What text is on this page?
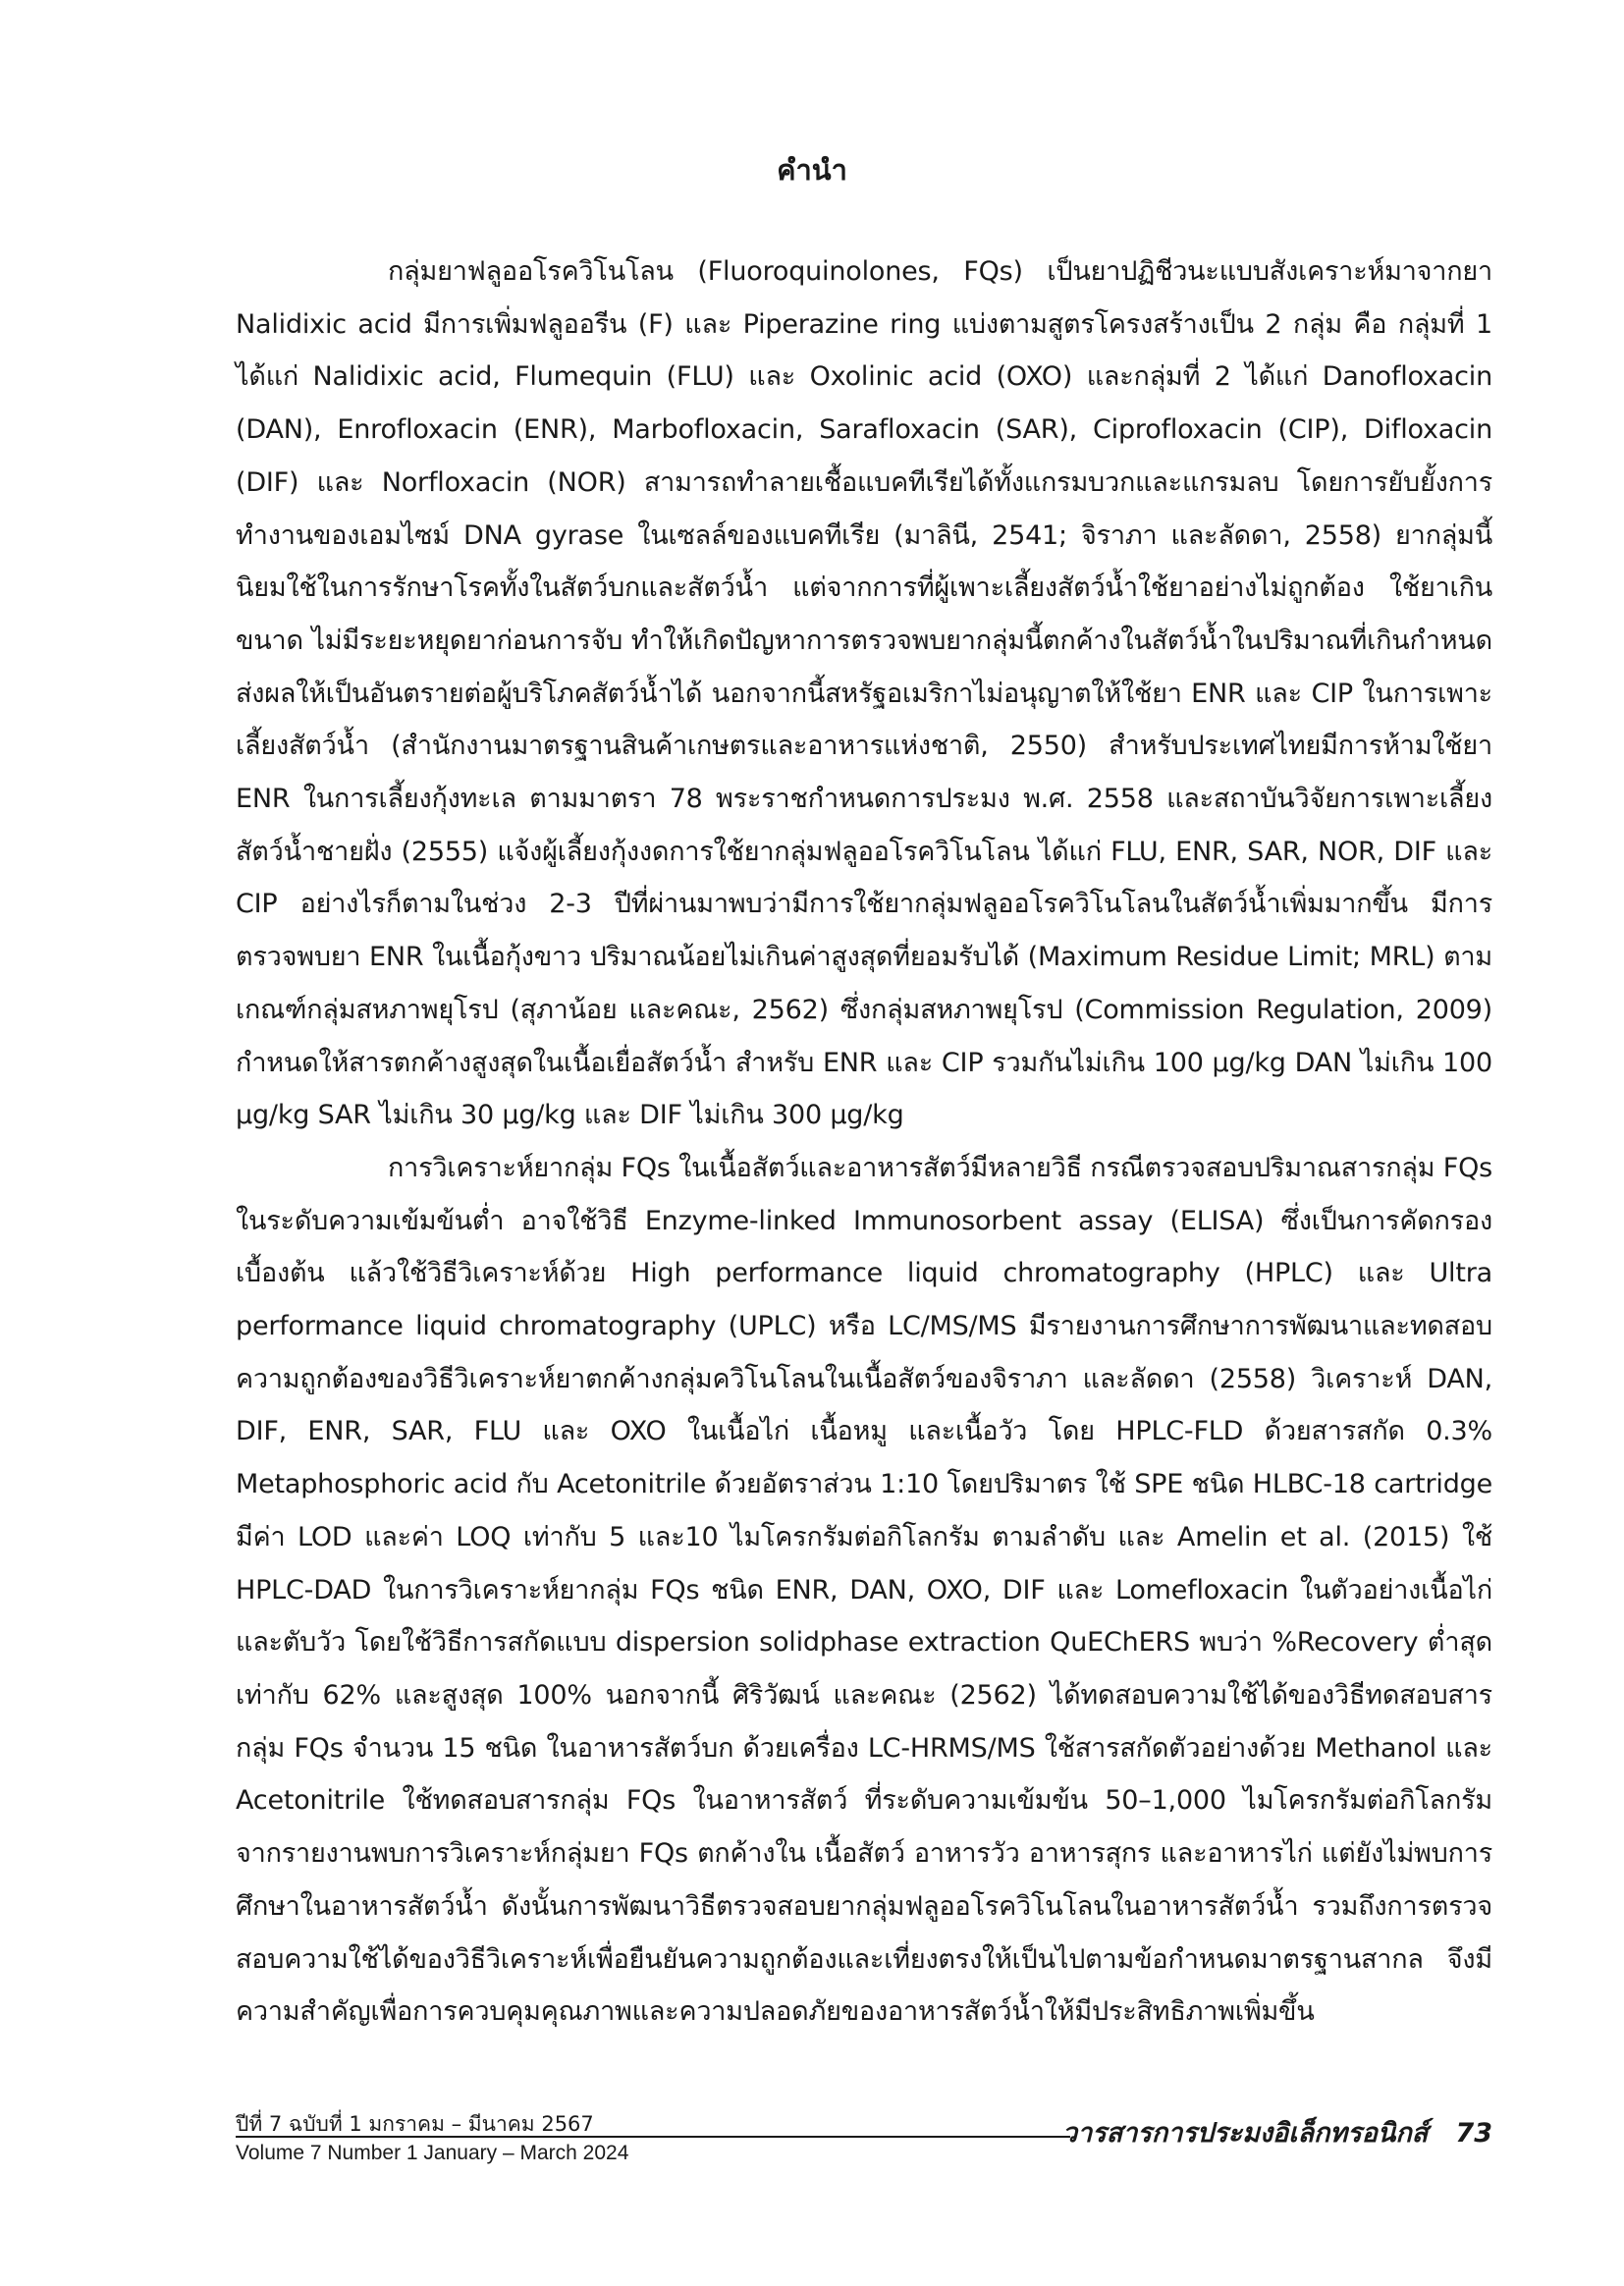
คำนำ

กลุ่มยาฟลูออโรควิโนโลน (Fluoroquinolones, FQs) เป็นยาปฏิชีวนะแบบสังเคราะห์มาจากยา Nalidixic acid มีการเพิ่มฟลูออรีน (F) และ Piperazine ring แบ่งตามสูตรโครงสร้างเป็น 2 กลุ่ม คือ กลุ่มที่ 1 ได้แก่ Nalidixic acid, Flumequin (FLU) และ Oxolinic acid (OXO) และกลุ่มที่ 2 ได้แก่ Danofloxacin (DAN), Enrofloxacin (ENR), Marbofloxacin, Sarafloxacin (SAR), Ciprofloxacin (CIP), Difloxacin (DIF) และ Norfloxacin (NOR) สามารถทำลายเชื้อแบคทีเรียได้ทั้งแกรมบวกและแกรมลบ โดยการยับยั้งการทำงานของเอมไซม์ DNA gyrase ในเซลล์ของแบคทีเรีย (มาลินี, 2541; จิราภา และลัดดา, 2558) ยากลุ่มนี้นิยมใช้ในการรักษาโรคทั้งในสัตว์บกและสัตว์น้ำ แต่จากการที่ผู้เพาะเลี้ยงสัตว์น้ำใช้ยาอย่างไม่ถูกต้อง ใช้ยาเกินขนาด ไม่มีระยะหยุดยาก่อนการจับ ทำให้เกิดปัญหาการตรวจพบยากลุ่มนี้ตกค้างในสัตว์น้ำในปริมาณที่เกินกำหนด ส่งผลให้เป็นอันตรายต่อผู้บริโภคสัตว์น้ำได้ นอกจากนี้สหรัฐอเมริกาไม่อนุญาตให้ใช้ยา ENR และ CIP ในการเพาะเลี้ยงสัตว์น้ำ (สำนักงานมาตรฐานสินค้าเกษตรและอาหารแห่งชาติ, 2550) สำหรับประเทศไทยมีการห้ามใช้ยา ENR ในการเลี้ยงกุ้งทะเล ตามมาตรา 78 พระราชกำหนดการประมง พ.ศ. 2558 และสถาบันวิจัยการเพาะเลี้ยงสัตว์น้ำชายฝั่ง (2555) แจ้งผู้เลี้ยงกุ้งงดการใช้ยากลุ่มฟลูออโรควิโนโลน ได้แก่ FLU, ENR, SAR, NOR, DIF และ CIP อย่างไรก็ตามในช่วง 2-3 ปีที่ผ่านมาพบว่ามีการใช้ยากลุ่มฟลูออโรควิโนโลนในสัตว์น้ำเพิ่มมากขึ้น มีการตรวจพบยา ENR ในเนื้อกุ้งขาว ปริมาณน้อยไม่เกินค่าสูงสุดที่ยอมรับได้ (Maximum Residue Limit; MRL) ตามเกณฑ์กลุ่มสหภาพยุโรป (สุภาน้อย และคณะ, 2562) ซึ่งกลุ่มสหภาพยุโรป (Commission Regulation, 2009) กำหนดให้สารตกค้างสูงสุดในเนื้อเยื่อสัตว์น้ำ สำหรับ ENR และ CIP รวมกันไม่เกิน 100 µg/kg DAN ไม่เกิน 100 µg/kg SAR ไม่เกิน 30 µg/kg และ DIF ไม่เกิน 300 µg/kg

การวิเคราะห์ยากลุ่ม FQs ในเนื้อสัตว์และอาหารสัตว์มีหลายวิธี กรณีตรวจสอบปริมาณสารกลุ่ม FQs ในระดับความเข้มข้นต่ำ อาจใช้วิธี Enzyme-linked Immunosorbent assay (ELISA) ซึ่งเป็นการคัดกรองเบื้องต้น แล้วใช้วิธีวิเคราะห์ด้วย High performance liquid chromatography (HPLC) และ Ultra performance liquid chromatography (UPLC) หรือ LC/MS/MS มีรายงานการศึกษาการพัฒนาและทดสอบความถูกต้องของวิธีวิเคราะห์ยาตกค้างกลุ่มควิโนโลนในเนื้อสัตว์ของจิราภา และลัดดา (2558) วิเคราะห์ DAN, DIF, ENR, SAR, FLU และ OXO ในเนื้อไก่ เนื้อหมู และเนื้อวัว โดย HPLC-FLD ด้วยสารสกัด 0.3% Metaphosphoric acid กับ Acetonitrile ด้วยอัตราส่วน 1:10 โดยปริมาตร ใช้ SPE ชนิด HLBC-18 cartridge มีค่า LOD และค่า LOQ เท่ากับ 5 และ10 ไมโครกรัมต่อกิโลกรัม ตามลำดับ และ Amelin et al. (2015) ใช้ HPLC-DAD ในการวิเคราะห์ยากลุ่ม FQs ชนิด ENR, DAN, OXO, DIF และ Lomefloxacin ในตัวอย่างเนื้อไก่และตับวัว โดยใช้วิธีการสกัดแบบ dispersion solidphase extraction QuEChERS พบว่า %Recovery ต่ำสุดเท่ากับ 62% และสูงสุด 100% นอกจากนี้ ศิริวัฒน์ และคณะ (2562) ได้ทดสอบความใช้ได้ของวิธีทดสอบสารกลุ่ม FQs จำนวน 15 ชนิด ในอาหารสัตว์บก ด้วยเครื่อง LC-HRMS/MS ใช้สารสกัดตัวอย่างด้วย Methanol และ Acetonitrile ใช้ทดสอบสารกลุ่ม FQs ในอาหารสัตว์ ที่ระดับความเข้มข้น 50–1,000 ไมโครกรัมต่อกิโลกรัม จากรายงานพบการวิเคราะห์กลุ่มยา FQs ตกค้างใน เนื้อสัตว์ อาหารวัว อาหารสุกร และอาหารไก่ แต่ยังไม่พบการศึกษาในอาหารสัตว์น้ำ ดังนั้นการพัฒนาวิธีตรวจสอบยากลุ่มฟลูออโรควิโนโลนในอาหารสัตว์น้ำ รวมถึงการตรวจสอบความใช้ได้ของวิธีวิเคราะห์เพื่อยืนยันความถูกต้องและเที่ยงตรงให้เป็นไปตามข้อกำหนดมาตรฐานสากล จึงมีความสำคัญเพื่อการควบคุมคุณภาพและความปลอดภัยของอาหารสัตว์น้ำให้มีประสิทธิภาพเพิ่มขึ้น

ปีที่ 7 ฉบับที่ 1 มกราคม – มีนาคม 2567
Volume 7 Number 1 January – March 2024
วารสารการประมงอิเล็กทรอนิกส์ 73
